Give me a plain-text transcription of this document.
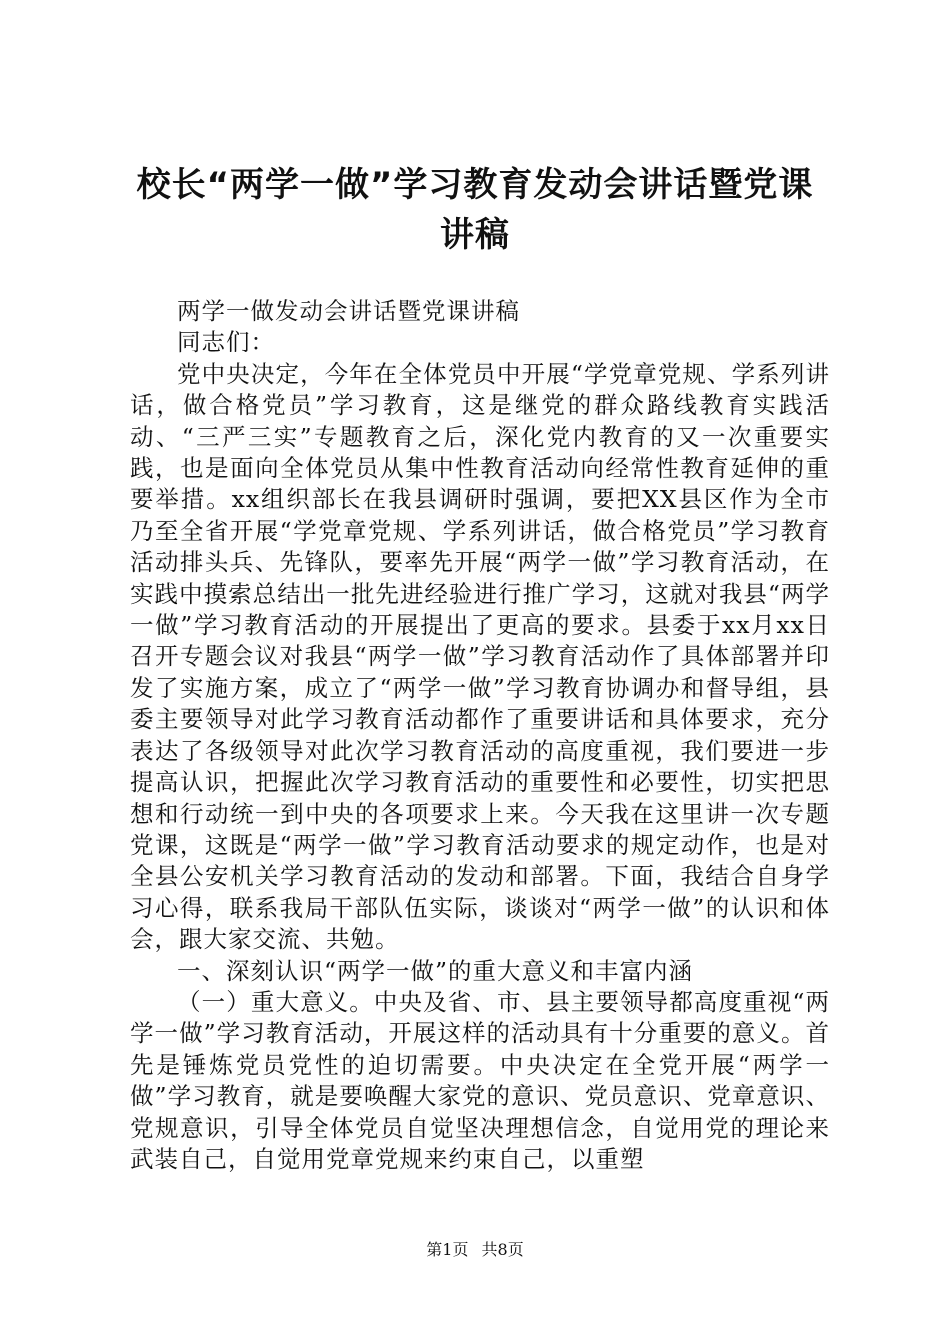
校长“两学一做”学习教育发动会讲话暨党课
讲稿

两学一做发动会讲话暨党课讲稿

同志们：

党中央决定，今年在全体党员中开展“学党章党规、学系列讲话，做合格党员”学习教育，这是继党的群众路线教育实践活动、“三严三实”专题教育之后，深化党内教育的又一次重要实践，也是面向全体党员从集中性教育活动向经常性教育延伸的重要举措。xx组织部长在我县调研时强调，要把XX县区作为全市乃至全省开展“学党章党规、学系列讲话，做合格党员”学习教育活动排头兵、先锋队，要率先开展“两学一做”学习教育活动，在实践中摸索总结出一批先进经验进行推广学习，这就对我县“两学一做”学习教育活动的开展提出了更高的要求。县委于xx月xx日召开专题会议对我县“两学一做”学习教育活动作了具体部署并印发了实施方案，成立了“两学一做”学习教育协调办和督导组，县委主要领导对此学习教育活动都作了重要讲话和具体要求，充分表达了各级领导对此次学习教育活动的高度重视，我们要进一步提高认识，把握此次学习教育活动的重要性和必要性，切实把思想和行动统一到中央的各项要求上来。今天我在这里讲一次专题党课，这既是“两学一做”学习教育活动要求的规定动作，也是对全县公安机关学习教育活动的发动和部署。下面，我结合自身学习心得，联系我局干部队伍实际，谈谈对“两学一做”的认识和体会，跟大家交流、共勉。

一、深刻认识“两学一做”的重大意义和丰富内涵

（一）重大意义。中央及省、市、县主要领导都高度重视“两学一做”学习教育活动，开展这样的活动具有十分重要的意义。首先是锤炼党员党性的迫切需要。中央决定在全党开展“两学一做”学习教育，就是要唤醒大家党的意识、党员意识、党章意识、党规意识，引导全体党员自觉坚决理想信念，自觉用党的理论来武装自己，自觉用党章党规来约束自己，以重塑

第1页 共8页
